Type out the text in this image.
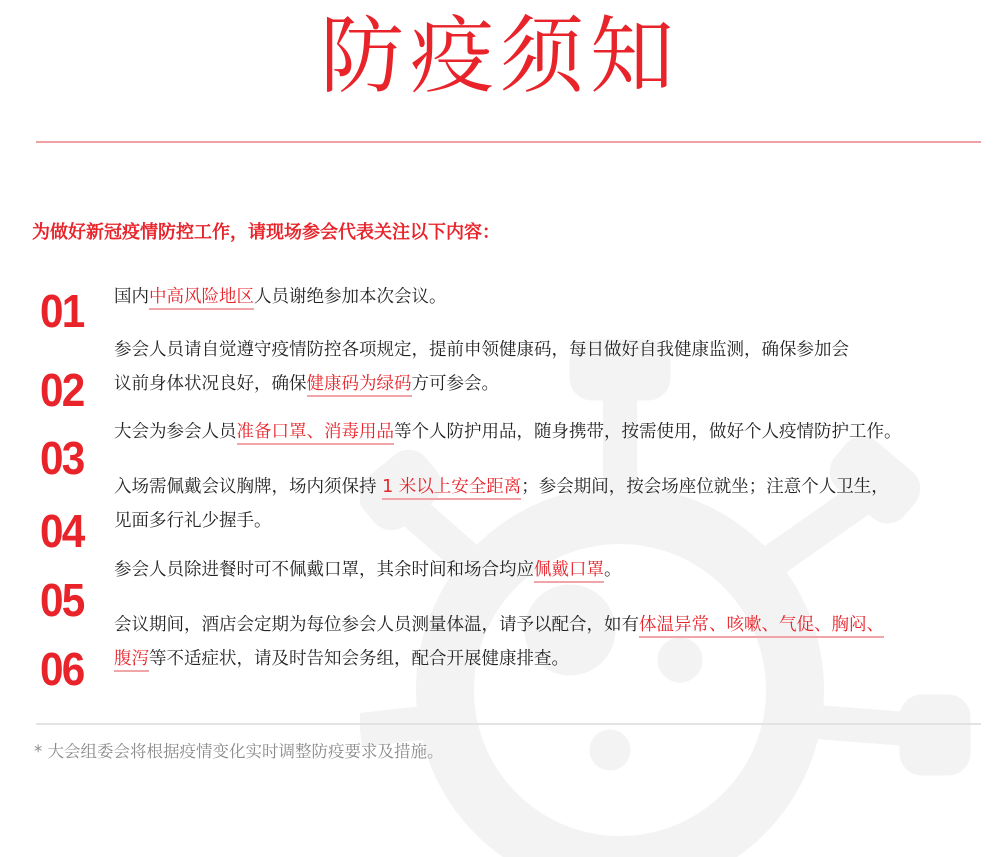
防疫须知
为做好新冠疫情防控工作，请现场参会代表关注以下内容：
01	国内中高风险地区人员谢绝参加本次会议。
02
参会人员请自觉遵守疫情防控各项规定，提前申领健康码，每日做好自我健康监测，确保参加会
议前身体状况良好，确保健康码为绿码方可参会。
03	大会为参会人员准备口罩、消毒用品等个人防护用品，随身携带，按需使用，做好个人疫情防护工作。
04
入场需佩戴会议胸牌，场内须保持 1 米以上安全距离；参会期间，按会场座位就坐；注意个人卫生，
见面多行礼少握手。
05
参会人员除进餐时可不佩戴口罩，其余时间和场合均应佩戴口罩。
06
会议期间，酒店会定期为每位参会人员测量体温，请予以配合，如有体温异常、咳嗽、气促、胸闷、
腹泻等不适症状，请及时告知会务组，配合开展健康排查。
* 大会组委会将根据疫情变化实时调整防疫要求及措施。
